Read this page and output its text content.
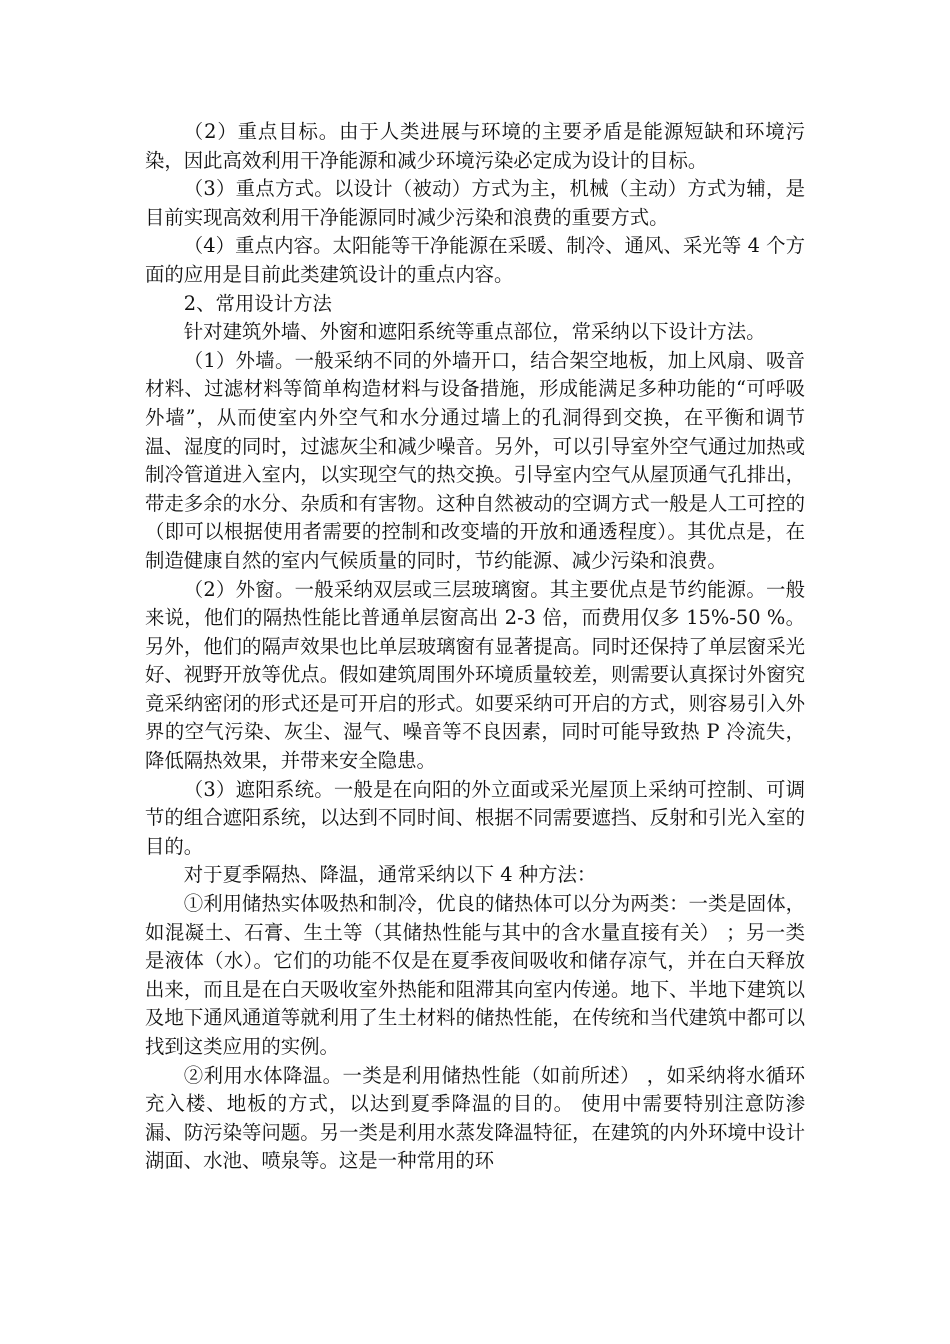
（2）重点目标。由于人类进展与环境的主要矛盾是能源短缺和环境污染，因此高效利用干净能源和减少环境污染必定成为设计的目标。

（3）重点方式。以设计（被动）方式为主，机械（主动）方式为辅，是目前实现高效利用干净能源同时减少污染和浪费的重要方式。

（4）重点内容。太阳能等干净能源在采暖、制冷、通风、采光等 4 个方面的应用是目前此类建筑设计的重点内容。

2、常用设计方法

针对建筑外墙、外窗和遮阳系统等重点部位，常采纳以下设计方法。

（1）外墙。一般采纳不同的外墙开口，结合架空地板，加上风扇、吸音材料、过滤材料等简单构造材料与设备措施，形成能满足多种功能的“可呼吸外墙”，从而使室内外空气和水分通过墙上的孔洞得到交换，在平衡和调节温、湿度的同时，过滤灰尘和减少噪音。另外，可以引导室外空气通过加热或制冷管道进入室内，以实现空气的热交换。引导室内空气从屋顶通气孔排出，带走多余的水分、杂质和有害物。这种自然被动的空调方式一般是人工可控的（即可以根据使用者需要的控制和改变墙的开放和通透程度）。其优点是，在制造健康自然的室内气候质量的同时，节约能源、减少污染和浪费。

（2）外窗。一般采纳双层或三层玻璃窗。其主要优点是节约能源。一般来说，他们的隔热性能比普通单层窗高出 2-3 倍，而费用仅多 15%-50 %。另外，他们的隔声效果也比单层玻璃窗有显著提高。同时还保持了单层窗采光好、视野开放等优点。假如建筑周围外环境质量较差，则需要认真探讨外窗究竟采纳密闭的形式还是可开启的形式。如要采纳可开启的方式，则容易引入外界的空气污染、灰尘、湿气、噪音等不良因素，同时可能导致热 P 冷流失，降低隔热效果，并带来安全隐患。

（3）遮阳系统。一般是在向阳的外立面或采光屋顶上采纳可控制、可调节的组合遮阳系统，以达到不同时间、根据不同需要遮挡、反射和引光入室的目的。

对于夏季隔热、降温，通常采纳以下 4 种方法：

①利用储热实体吸热和制冷，优良的储热体可以分为两类：一类是固体，如混凝土、石膏、生土等（其储热性能与其中的含水量直接有关） ；另一类是液体（水）。它们的功能不仅是在夏季夜间吸收和储存凉气，并在白天释放出来，而且是在白天吸收室外热能和阻滞其向室内传递。地下、半地下建筑以及地下通风通道等就利用了生土材料的储热性能，在传统和当代建筑中都可以找到这类应用的实例。

②利用水体降温。一类是利用储热性能（如前所述） ，如采纳将水循环充入楼、地板的方式，以达到夏季降温的目的。 使用中需要特别注意防渗漏、防污染等问题。另一类是利用水蒸发降温特征，在建筑的内外环境中设计湖面、水池、喷泉等。这是一种常用的环
